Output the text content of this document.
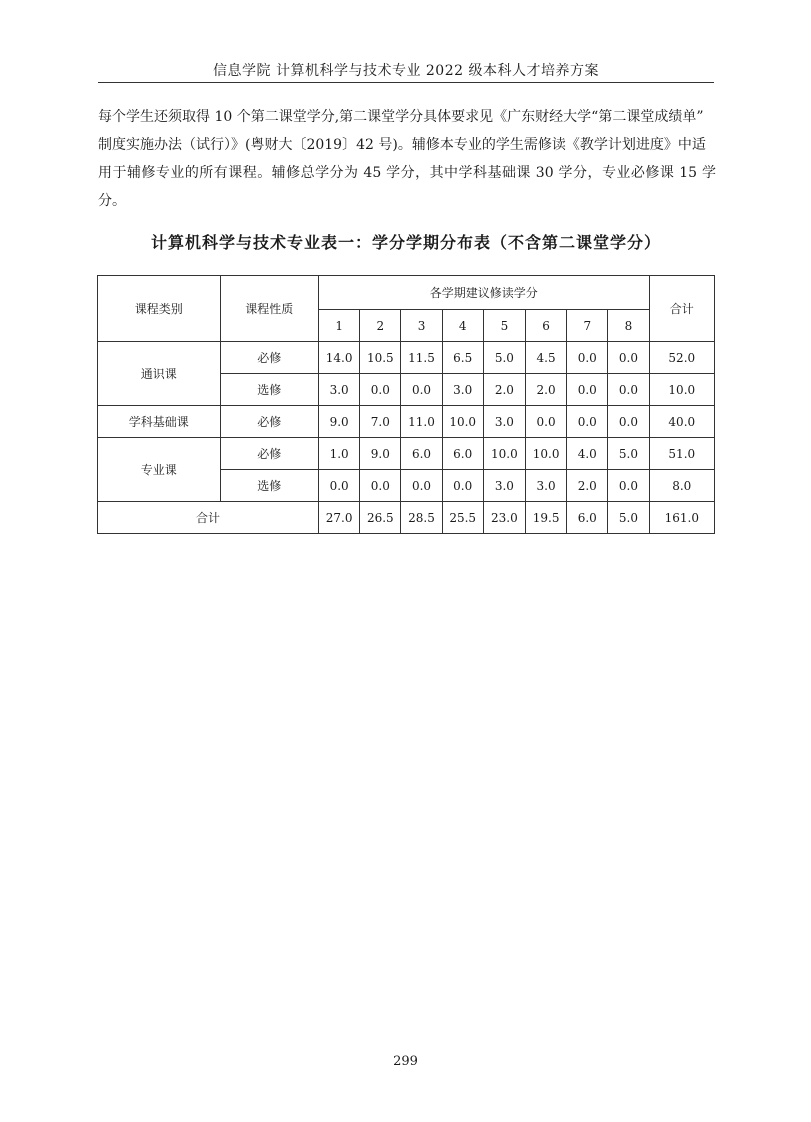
信息学院 计算机科学与技术专业 2022 级本科人才培养方案

每个学生还须取得 10 个第二课堂学分,第二课堂学分具体要求见《广东财经大学“第二课堂成绩单”

制度实施办法（试行）》(粤财大〔2019〕42 号)。辅修本专业的学生需修读《教学计划进度》中适

用于辅修专业的所有课程。辅修总学分为 45 学分，其中学科基础课 30 学分，专业必修课 15 学分。

计算机科学与技术专业表一：学分学期分布表（不含第二课堂学分）
课程类别	课程性质	各学期建议修读学分								合计
		1	2	3	4	5	6	7	8	
通识课	必修	14.0	10.5	11.5	6.5	5.0	4.5	0.0	0.0	52.0
	选修	3.0	0.0	0.0	3.0	2.0	2.0	0.0	0.0	10.0
学科基础课	必修	9.0	7.0	11.0	10.0	3.0	0.0	0.0	0.0	40.0
专业课	必修	1.0	9.0	6.0	6.0	10.0	10.0	4.0	5.0	51.0
	选修	0.0	0.0	0.0	0.0	3.0	3.0	2.0	0.0	8.0
合计		27.0	26.5	28.5	25.5	23.0	19.5	6.0	5.0	161.0
299
